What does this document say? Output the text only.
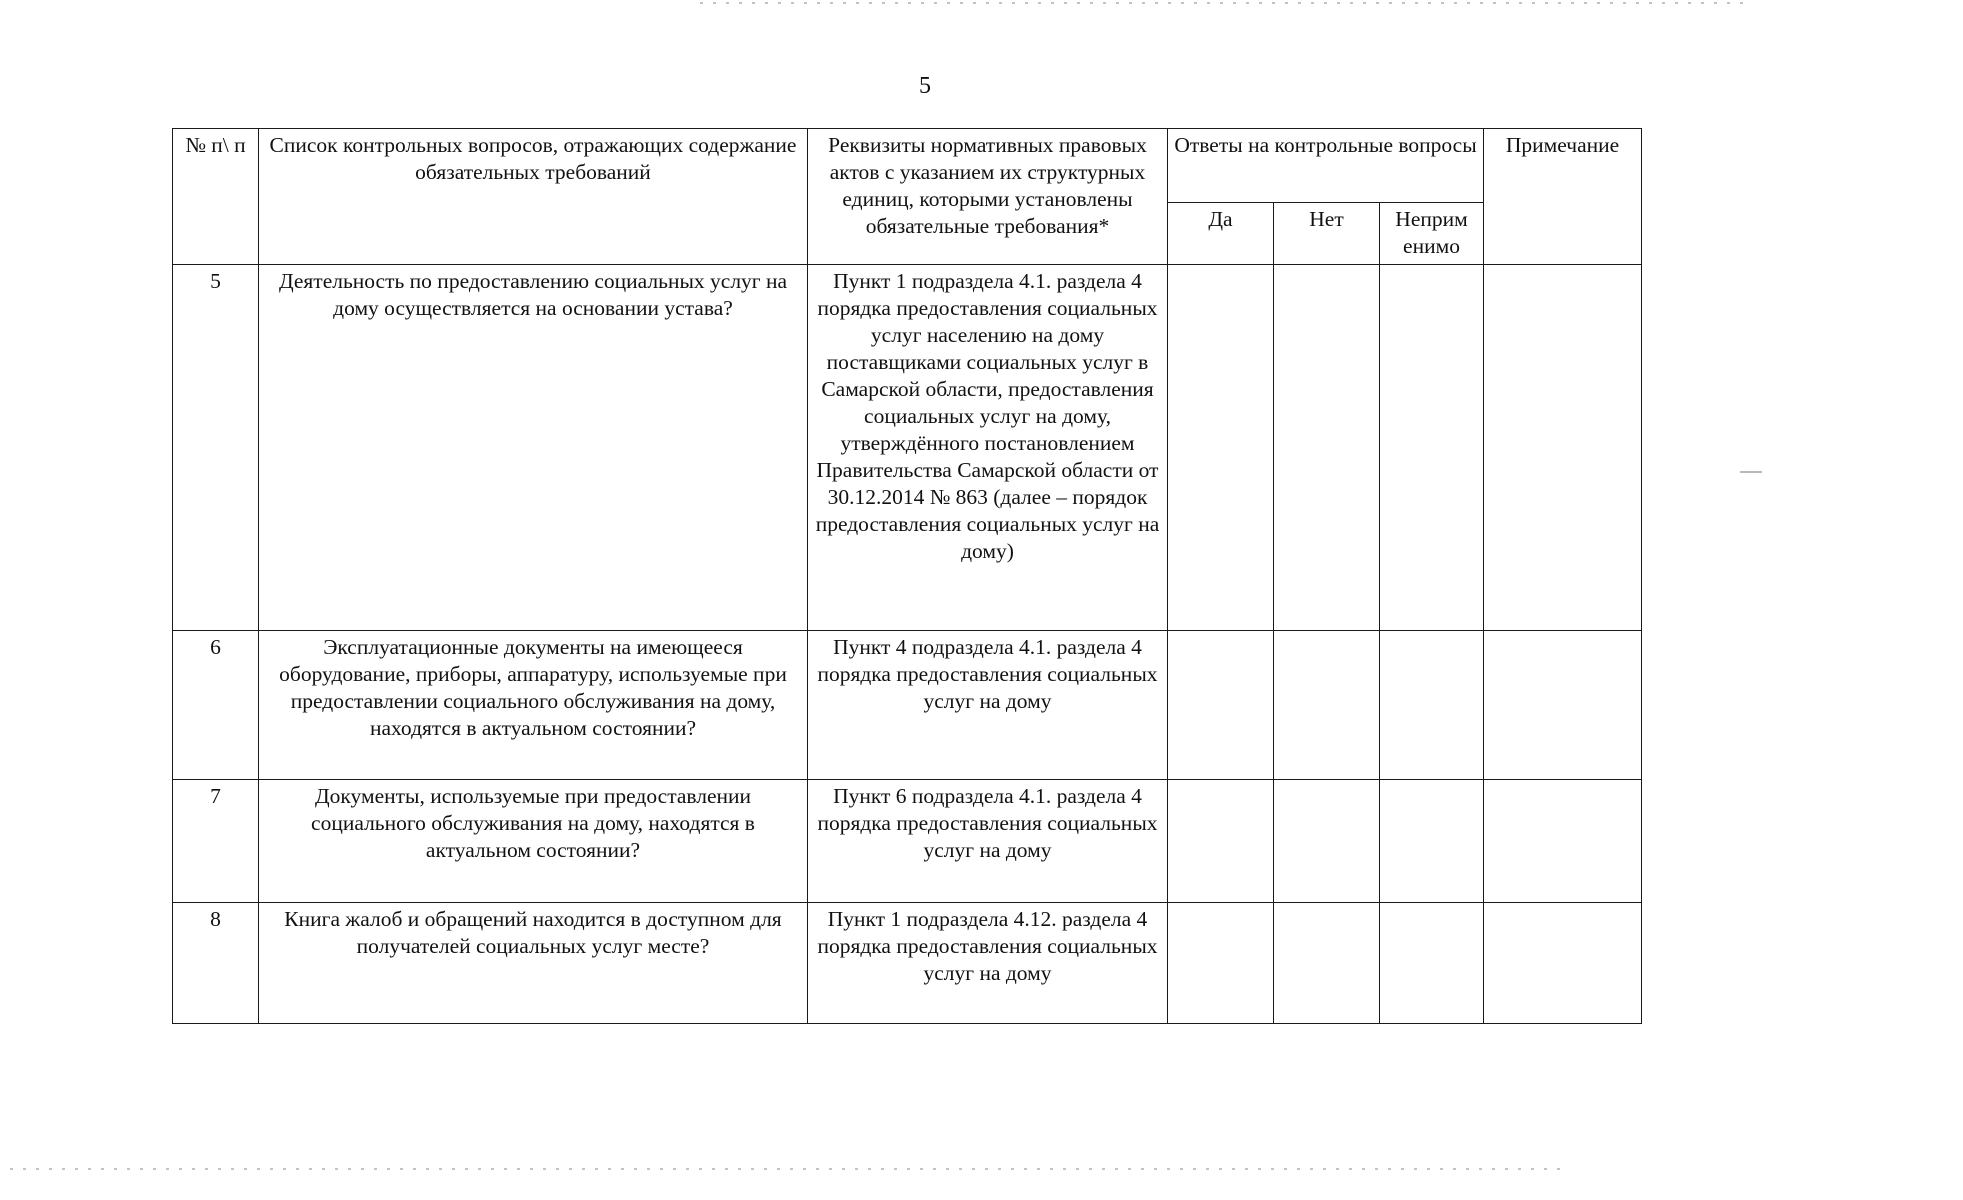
5
№ п\ п	Список контрольных вопросов, отражающих содержание обязательных требований	Реквизиты нормативных правовых актов с указанием их структурных единиц, которыми установлены обязательные требования*	Ответы на контрольные вопросы			Примечание
			Да	Нет	Неприм енимо	
5	Деятельность по предоставлению социальных услуг на дому осуществляется на основании устава?	Пункт 1 подраздела 4.1. раздела 4 порядка предоставления социальных услуг населению на дому поставщиками социальных услуг в Самарской области, предоставления социальных услуг на дому, утверждённого постановлением Правительства Самарской области от 30.12.2014 № 863 (далее – порядок предоставления социальных услуг на дому)				
6	Эксплуатационные документы на имеющееся оборудование, приборы, аппаратуру, используемые при предоставлении социального обслуживания на дому, находятся в актуальном состоянии?	Пункт 4 подраздела 4.1. раздела 4 порядка предоставления социальных услуг на дому				
7	Документы, используемые при предоставлении социального обслуживания на дому, находятся в актуальном состоянии?	Пункт 6 подраздела 4.1. раздела 4 порядка предоставления социальных услуг на дому				
8	Книга жалоб и обращений находится в доступном для получателей социальных услуг месте?	Пункт 1 подраздела 4.12. раздела 4 порядка предоставления социальных услуг на дому				
